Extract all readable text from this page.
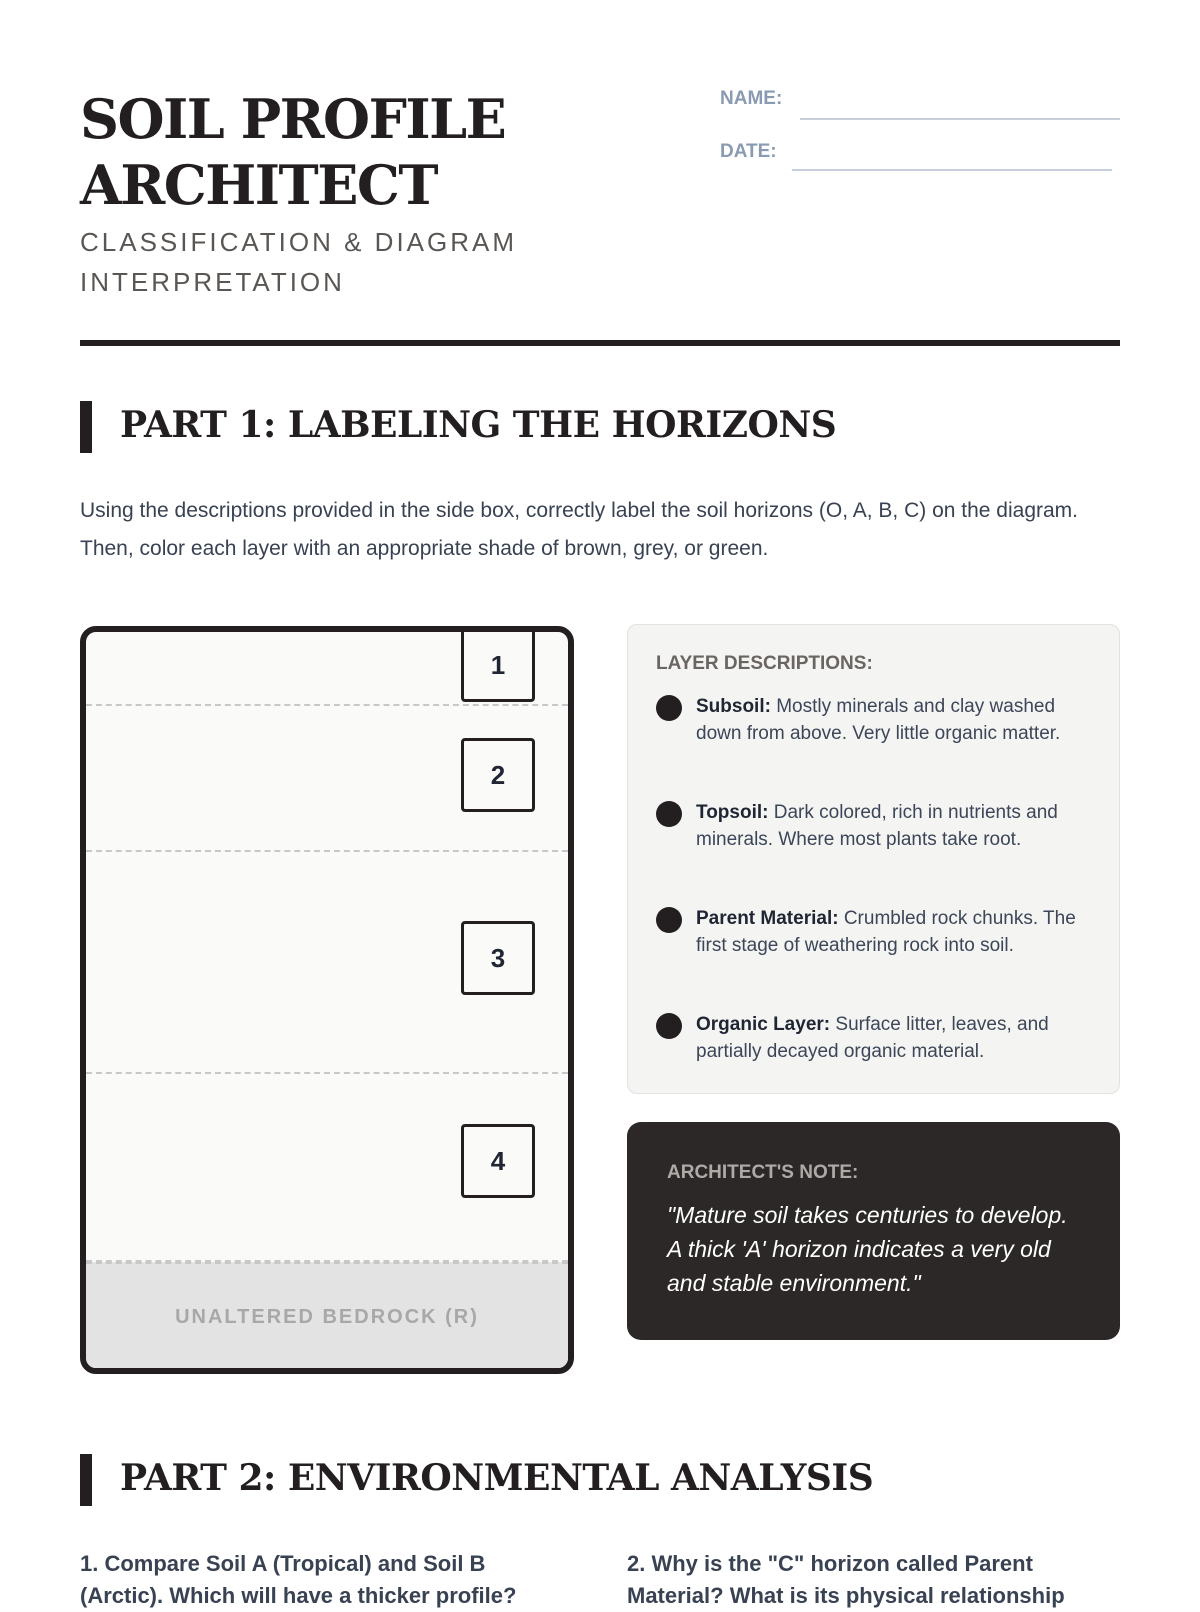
SOIL PROFILE ARCHITECT
CLASSIFICATION & DIAGRAM INTERPRETATION
NAME:
DATE:
PART 1: LABELING THE HORIZONS

Using the descriptions provided in the side box, correctly label the soil horizons (O, A, B, C) on the diagram. Then, color each layer with an appropriate shade of brown, grey, or green.

1
2
3
4
UNALTERED BEDROCK (R)
LAYER DESCRIPTIONS:
Subsoil: Mostly minerals and clay washed down from above. Very little organic matter.
Topsoil: Dark colored, rich in nutrients and minerals. Where most plants take root.
Parent Material: Crumbled rock chunks. The first stage of weathering rock into soil.
Organic Layer: Surface litter, leaves, and partially decayed organic material.
ARCHITECT'S NOTE:

"Mature soil takes centuries to develop. A thick 'A' horizon indicates a very old and stable environment."

PART 2: ENVIRONMENTAL ANALYSIS

1. Compare Soil A (Tropical) and Soil B (Arctic). Which will have a thicker profile?

2. Why is the "C" horizon called Parent Material? What is its physical relationship
